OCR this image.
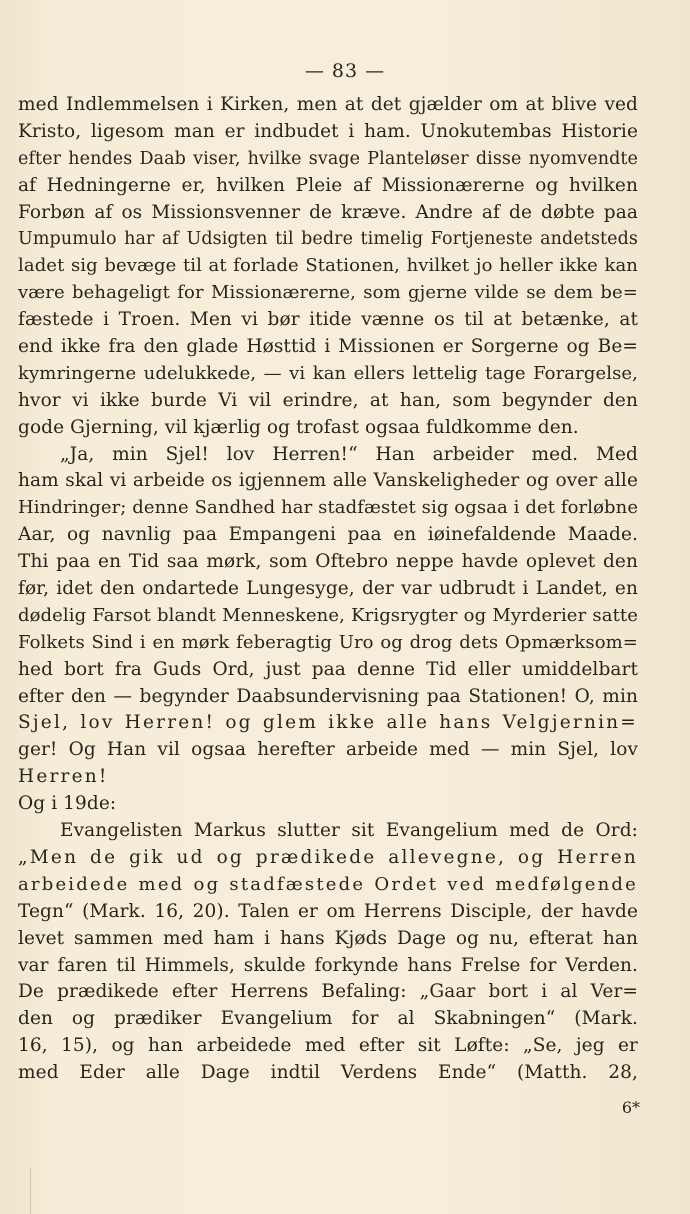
— 83 —
med Indlemmelsen i Kirken, men at det gjælder om at blive ved
Kristo, ligesom man er indbudet i ham. Unokutembas Historie
efter hendes Daab viser, hvilke svage Planteløser disse nyomvendte
af Hedningerne er, hvilken Pleie af Missionærerne og hvilken
Forbøn af os Missionsvenner de kræve. Andre af de døbte paa
Umpumulo har af Udsigten til bedre timelig Fortjeneste andetsteds
ladet sig bevæge til at forlade Stationen, hvilket jo heller ikke kan
være behageligt for Missionærerne, som gjerne vilde se dem be=
fæstede i Troen. Men vi bør itide vænne os til at betænke, at
end ikke fra den glade Høsttid i Missionen er Sorgerne og Be=
kymringerne udelukkede, — vi kan ellers lettelig tage Forargelse,
hvor vi ikke burde Vi vil erindre, at han, som begynder den
gode Gjerning, vil kjærlig og trofast ogsaa fuldkomme den.
„Ja, min Sjel! lov Herren!“ Han arbeider med. Med
ham skal vi arbeide os igjennem alle Vanskeligheder og over alle
Hindringer; denne Sandhed har stadfæstet sig ogsaa i det forløbne
Aar, og navnlig paa Empangeni paa en iøinefaldende Maade.
Thi paa en Tid saa mørk, som Oftebro neppe havde oplevet den
før, idet den ondartede Lungesyge, der var udbrudt i Landet, en
dødelig Farsot blandt Menneskene, Krigsrygter og Myrderier satte
Folkets Sind i en mørk feberagtig Uro og drog dets Opmærksom=
hed bort fra Guds Ord, just paa denne Tid eller umiddelbart
efter den — begynder Daabsundervisning paa Stationen! O, min
Sjel, lov Herren! og glem ikke alle hans Velgjernin=
ger! Og Han vil ogsaa herefter arbeide med — min Sjel, lov
Herren!
Og i 19de:
Evangelisten Markus slutter sit Evangelium med de Ord:
„Men de gik ud og prædikede allevegne, og Herren
arbeidede med og stadfæstede Ordet ved medfølgende
Tegn“ (Mark. 16, 20). Talen er om Herrens Disciple, der havde
levet sammen med ham i hans Kjøds Dage og nu, efterat han
var faren til Himmels, skulde forkynde hans Frelse for Verden.
De prædikede efter Herrens Befaling: „Gaar bort i al Ver=
den og prædiker Evangelium for al Skabningen“ (Mark.
16, 15), og han arbeidede med efter sit Løfte: „Se, jeg er
med Eder alle Dage indtil Verdens Ende“ (Matth. 28,
6*
